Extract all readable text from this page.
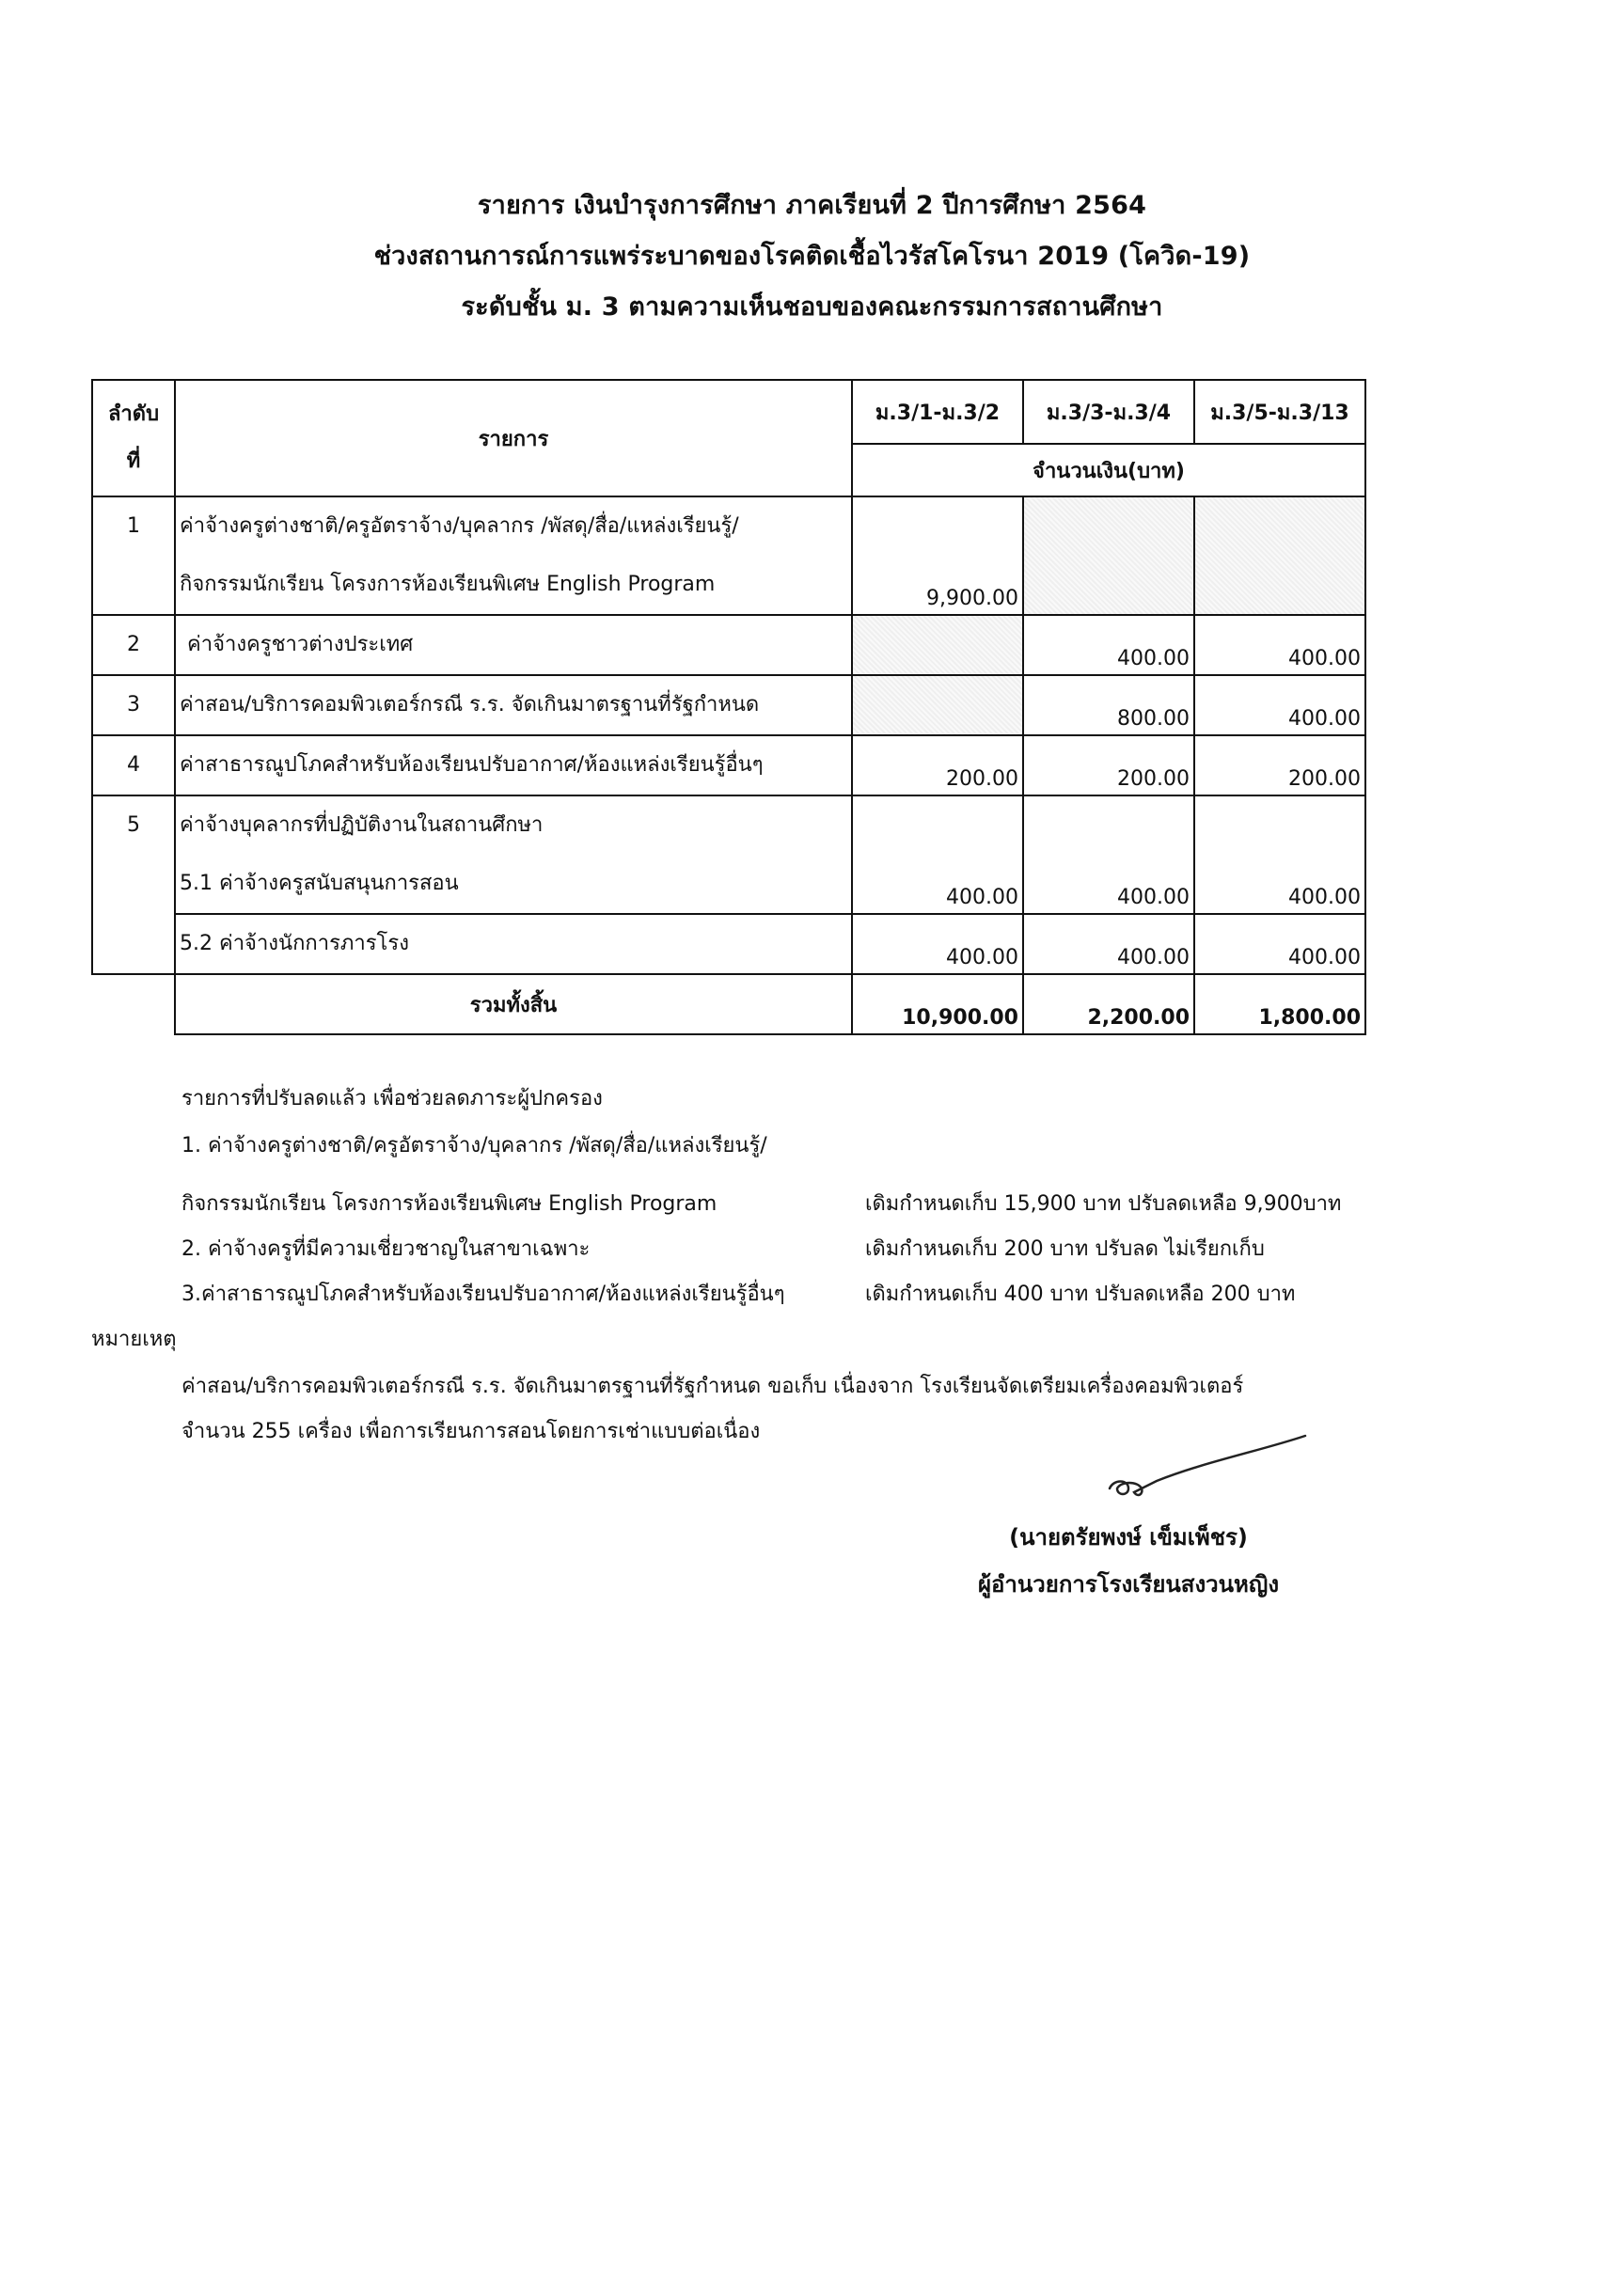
รายการ เงินบำรุงการศึกษา ภาคเรียนที่ 2 ปีการศึกษา 2564
ช่วงสถานการณ์การแพร่ระบาดของโรคติดเชื้อไวรัสโคโรนา 2019 (โควิด-19)
ระดับชั้น ม. 3 ตามความเห็นชอบของคณะกรรมการสถานศึกษา
ลำดับ
ที่	รายการ	ม.3/1-ม.3/2	ม.3/3-ม.3/4	ม.3/5-ม.3/13
		จำนวนเงิน(บาท)		

1	ค่าจ้างครูต่างชาติ/ครูอัตราจ้าง/บุคลากร /พัสดุ/สื่อ/แหล่งเรียนรู้/
กิจกรรมนักเรียน โครงการห้องเรียนพิเศษ English Program	9,900.00		

2	ค่าจ้างครูชาวต่างประเทศ		400.00	400.00

3	ค่าสอน/บริการคอมพิวเตอร์กรณี ร.ร. จัดเกินมาตรฐานที่รัฐกำหนด		800.00	400.00

4	ค่าสาธารณูปโภคสำหรับห้องเรียนปรับอากาศ/ห้องแหล่งเรียนรู้อื่นๆ	200.00	200.00	200.00

5	ค่าจ้างบุคลากรที่ปฏิบัติงานในสถานศึกษา
5.1 ค่าจ้างครูสนับสนุนการสอน	400.00	400.00	400.00

	5.2 ค่าจ้างนักการภารโรง	400.00	400.00	400.00
	รวมทั้งสิ้น	10,900.00	2,200.00	1,800.00
รายการที่ปรับลดแล้ว เพื่อช่วยลดภาระผู้ปกครอง
1. ค่าจ้างครูต่างชาติ/ครูอัตราจ้าง/บุคลากร /พัสดุ/สื่อ/แหล่งเรียนรู้/
กิจกรรมนักเรียน โครงการห้องเรียนพิเศษ English Program	เดิมกำหนดเก็บ 15,900 บาท ปรับลดเหลือ 9,900บาท
2. ค่าจ้างครูที่มีความเชี่ยวชาญในสาขาเฉพาะ	เดิมกำหนดเก็บ 200 บาท ปรับลด ไม่เรียกเก็บ
3.ค่าสาธารณูปโภคสำหรับห้องเรียนปรับอากาศ/ห้องแหล่งเรียนรู้อื่นๆ	เดิมกำหนดเก็บ 400 บาท ปรับลดเหลือ 200 บาท
หมายเหตุ
ค่าสอน/บริการคอมพิวเตอร์กรณี ร.ร. จัดเกินมาตรฐานที่รัฐกำหนด ขอเก็บ เนื่องจาก โรงเรียนจัดเตรียมเครื่องคอมพิวเตอร์
จำนวน 255 เครื่อง เพื่อการเรียนการสอนโดยการเช่าแบบต่อเนื่อง
(นายตรัยพงษ์ เข็มเพ็ชร)
ผู้อำนวยการโรงเรียนสงวนหญิง
